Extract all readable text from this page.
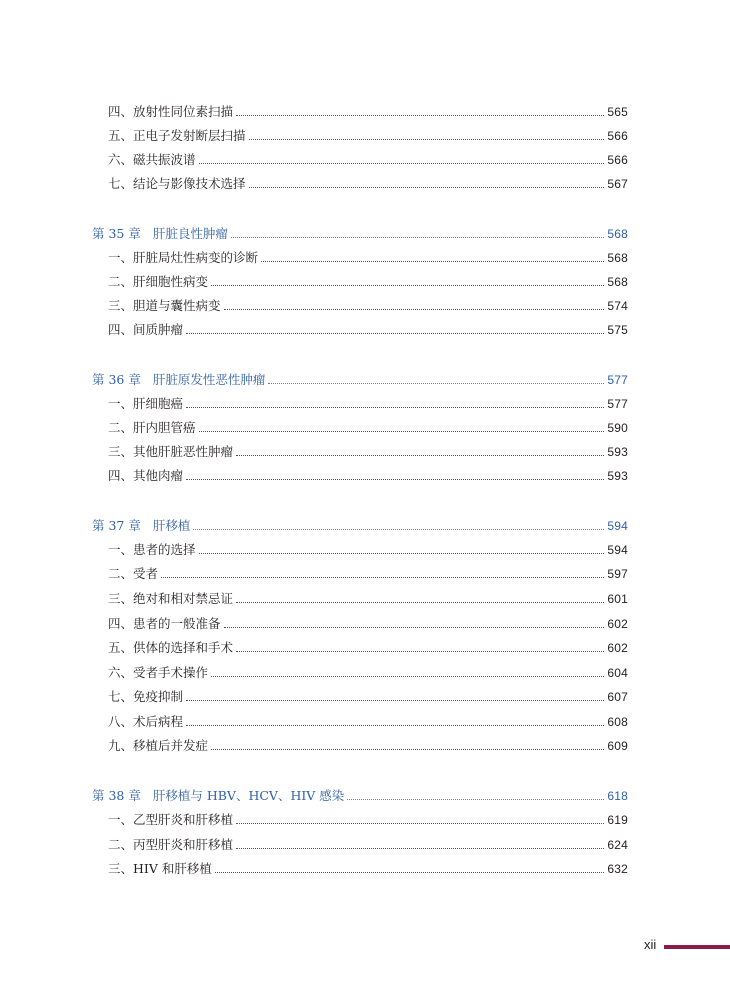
四、放射性同位素扫描	565
五、正电子发射断层扫描	566
六、磁共振波谱	566
七、结论与影像技术选择	567
第 35 章 肝脏良性肿瘤	568
一、肝脏局灶性病变的诊断	568
二、肝细胞性病变	568
三、胆道与囊性病变	574
四、间质肿瘤	575
第 36 章 肝脏原发性恶性肿瘤	577
一、肝细胞癌	577
二、肝内胆管癌	590
三、其他肝脏恶性肿瘤	593
四、其他肉瘤	593
第 37 章 肝移植	594
一、患者的选择	594
二、受者	597
三、绝对和相对禁忌证	601
四、患者的一般准备	602
五、供体的选择和手术	602
六、受者手术操作	604
七、免疫抑制	607
八、术后病程	608
九、移植后并发症	609
第 38 章 肝移植与 HBV、HCV、HIV 感染	618
一、乙型肝炎和肝移植	619
二、丙型肝炎和肝移植	624
三、HIV 和肝移植	632
xii
